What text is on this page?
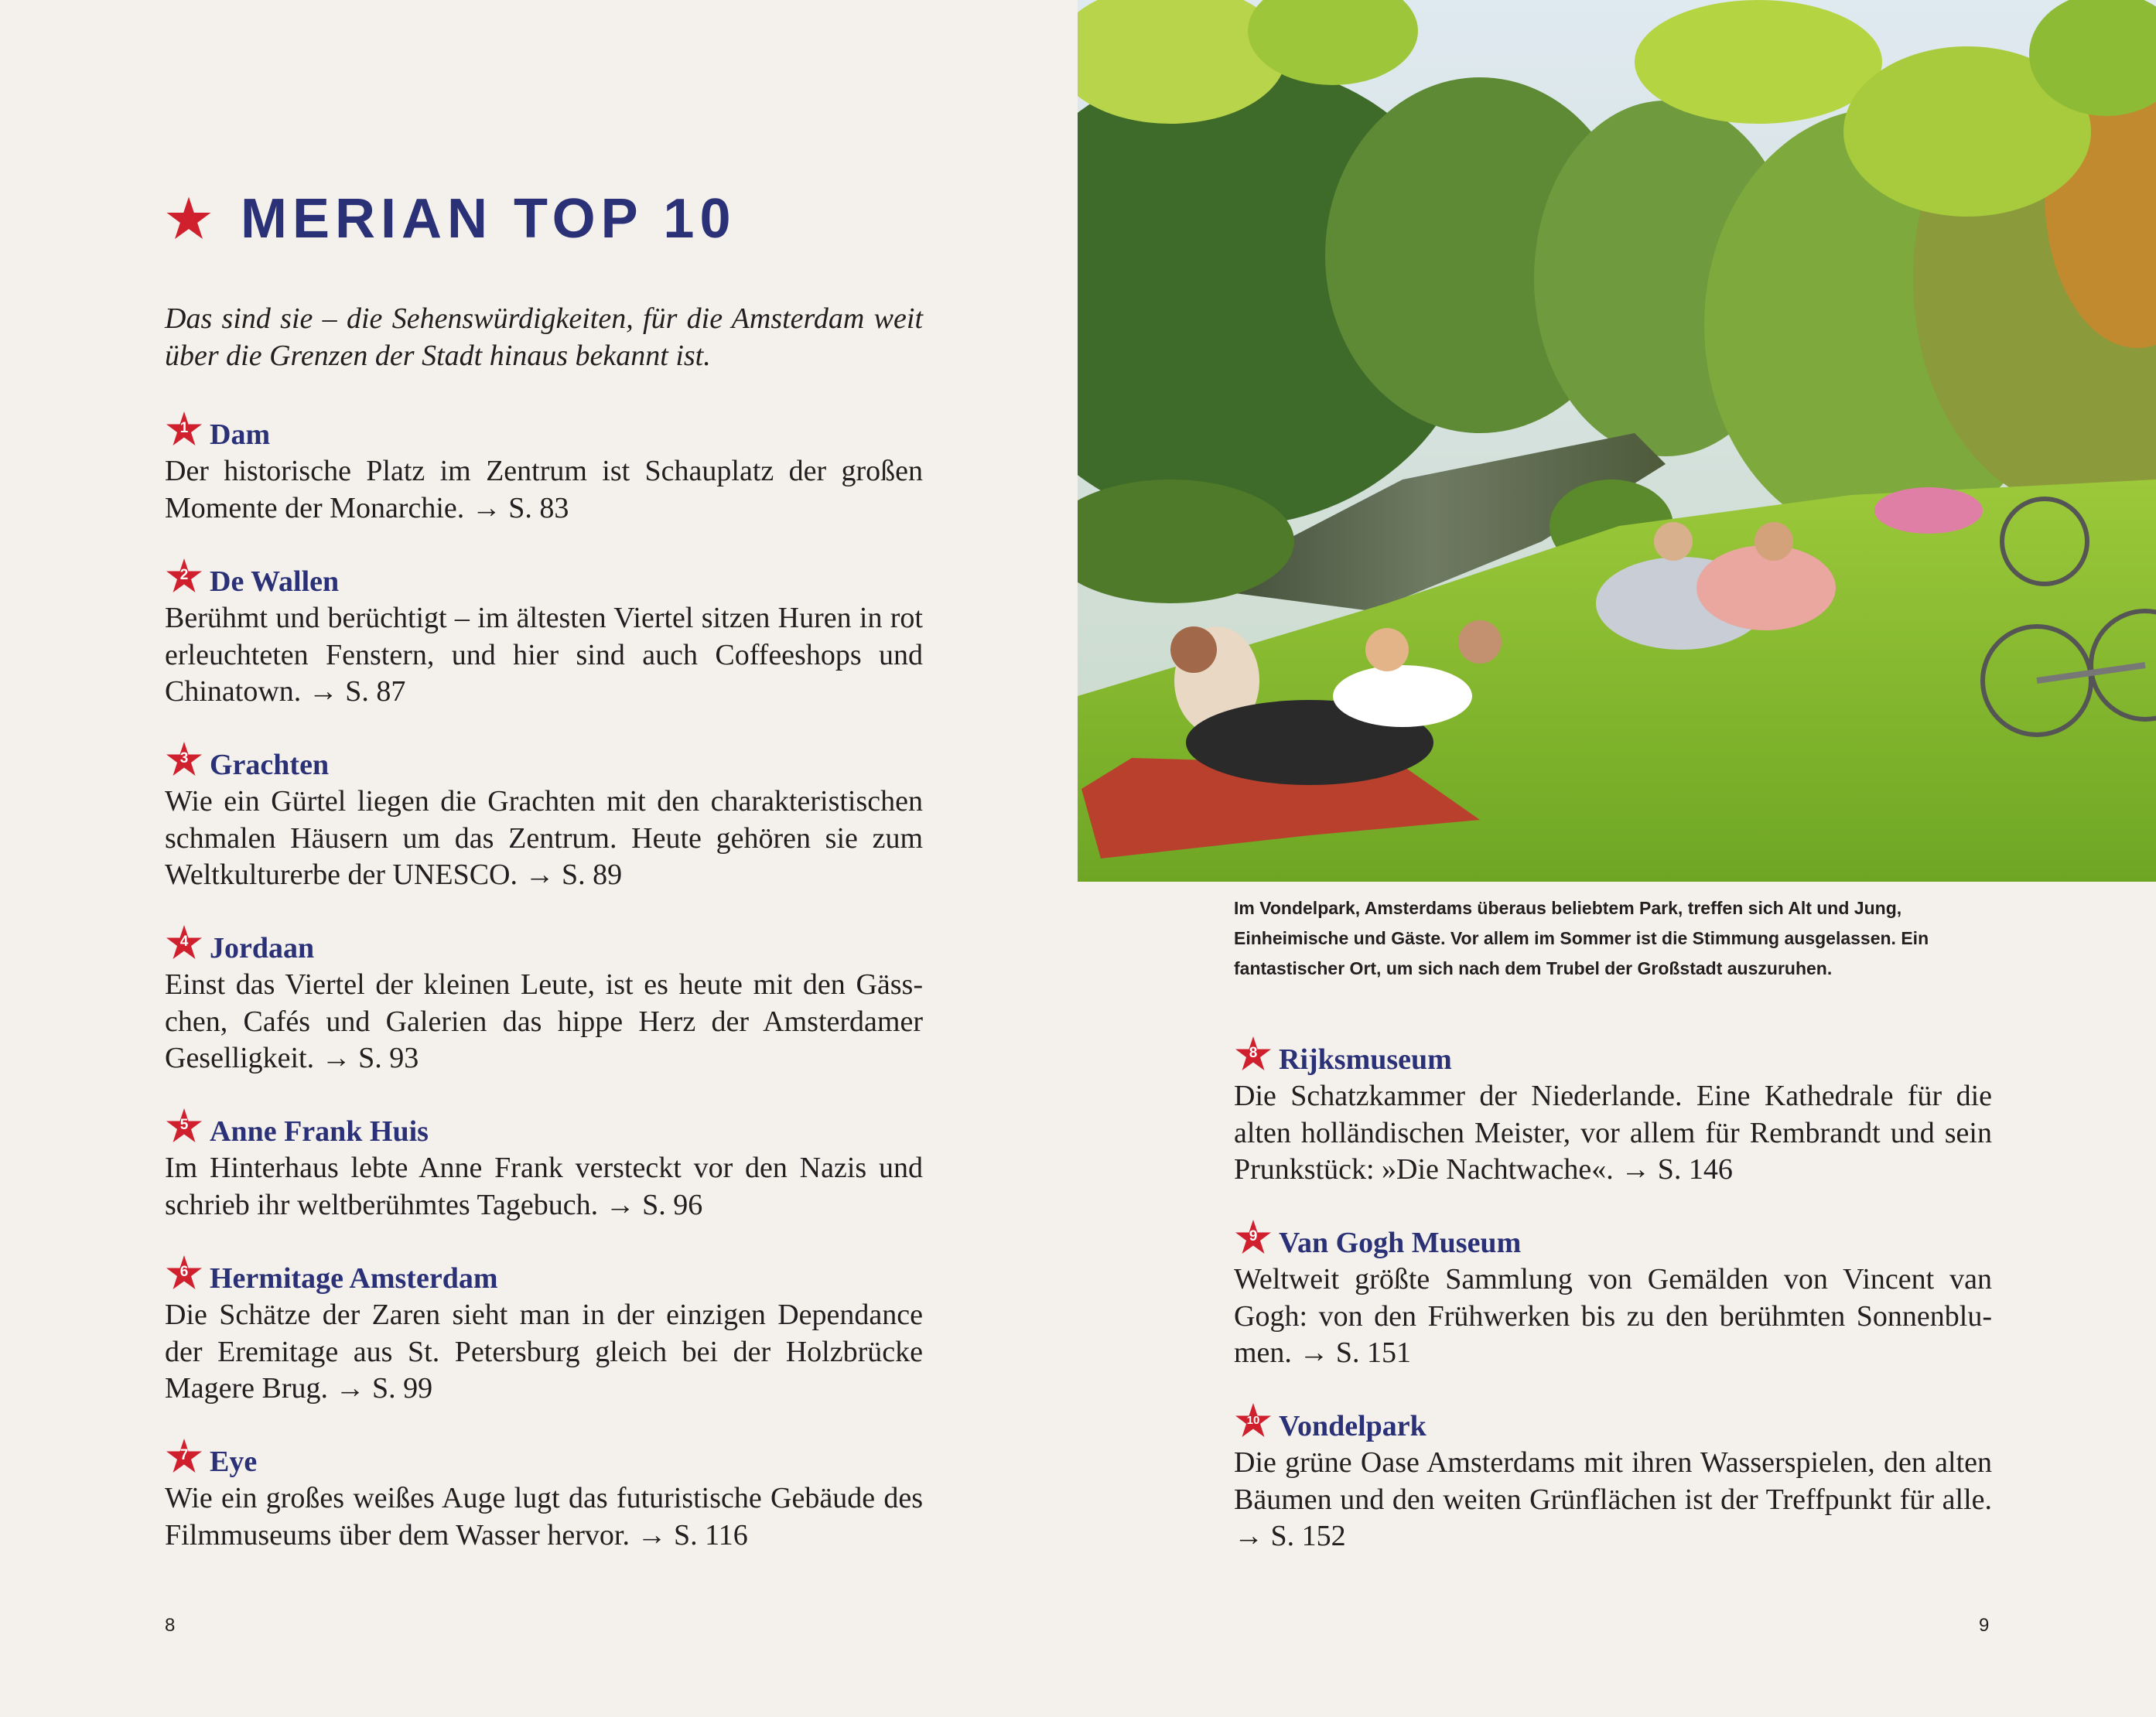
MERIAN TOP 10
Das sind sie – die Sehenswürdigkeiten, für die Amsterdam weit über die Grenzen der Stadt hinaus bekannt ist.
1 Dam
Der historische Platz im Zentrum ist Schauplatz der großen Momente der Monarchie. → S. 83
2 De Wallen
Berühmt und berüchtigt – im ältesten Viertel sitzen Huren in rot erleuchteten Fenstern, und hier sind auch Coffeeshops und Chinatown. → S. 87
3 Grachten
Wie ein Gürtel liegen die Grachten mit den charakteristischen schmalen Häusern um das Zentrum. Heute gehören sie zum Weltkulturerbe der UNESCO. → S. 89
4 Jordaan
Einst das Viertel der kleinen Leute, ist es heute mit den Gässchen, Cafés und Galerien das hippe Herz der Amsterdamer Geselligkeit. → S. 93
5 Anne Frank Huis
Im Hinterhaus lebte Anne Frank versteckt vor den Nazis und schrieb ihr weltberühmtes Tagebuch. → S. 96
6 Hermitage Amsterdam
Die Schätze der Zaren sieht man in der einzigen Dependance der Eremitage aus St. Petersburg gleich bei der Holzbrücke Magere Brug. → S. 99
7 Eye
Wie ein großes weißes Auge lugt das futuristische Gebäude des Filmmuseums über dem Wasser hervor. → S. 116
8
Im Vondelpark, Amsterdams überaus beliebtem Park, treffen sich Alt und Jung, Einheimische und Gäste. Vor allem im Sommer ist die Stimmung ausgelassen. Ein fantastischer Ort, um sich nach dem Trubel der Großstadt auszuruhen.
8 Rijksmuseum
Die Schatzkammer der Niederlande. Eine Kathedrale für die alten holländischen Meister, vor allem für Rembrandt und sein Prunkstück: »Die Nachtwache«. → S. 146
9 Van Gogh Museum
Weltweit größte Sammlung von Gemälden von Vincent van Gogh: von den Frühwerken bis zu den berühmten Sonnenblumen. → S. 151
10 Vondelpark
Die grüne Oase Amsterdams mit ihren Wasserspielen, den alten Bäumen und den weiten Grünflächen ist der Treffpunkt für alle. → S. 152
9
